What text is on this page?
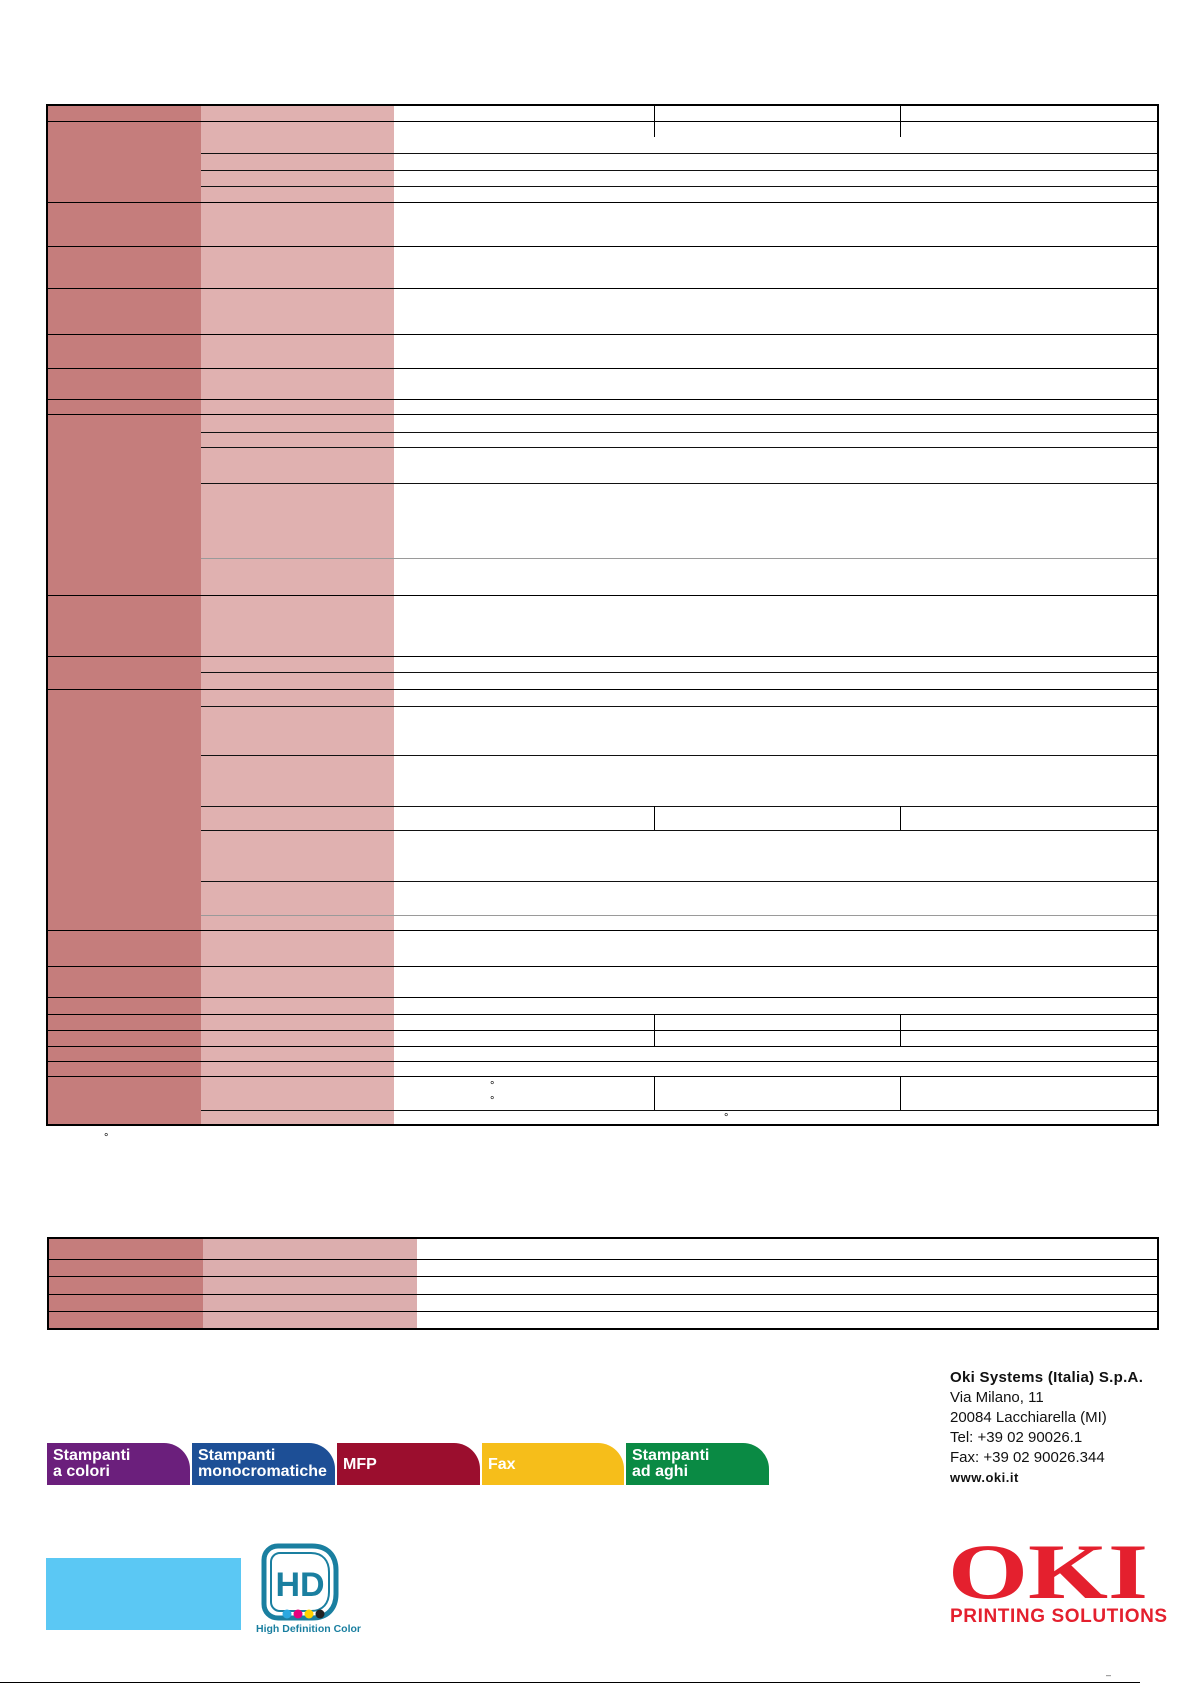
°
°
°
°
Oki Systems (Italia) S.p.A.
Via Milano, 11
20084 Lacchiarella (MI)
Tel: +39 02 90026.1
Fax: +39 02 90026.344
www.oki.it
Stampanti
a colori
Stampanti
monocromatiche	MFP	Fax
Stampanti
ad aghi
HD
High Definition Color
OKI
PRINTING SOLUTIONS
–
